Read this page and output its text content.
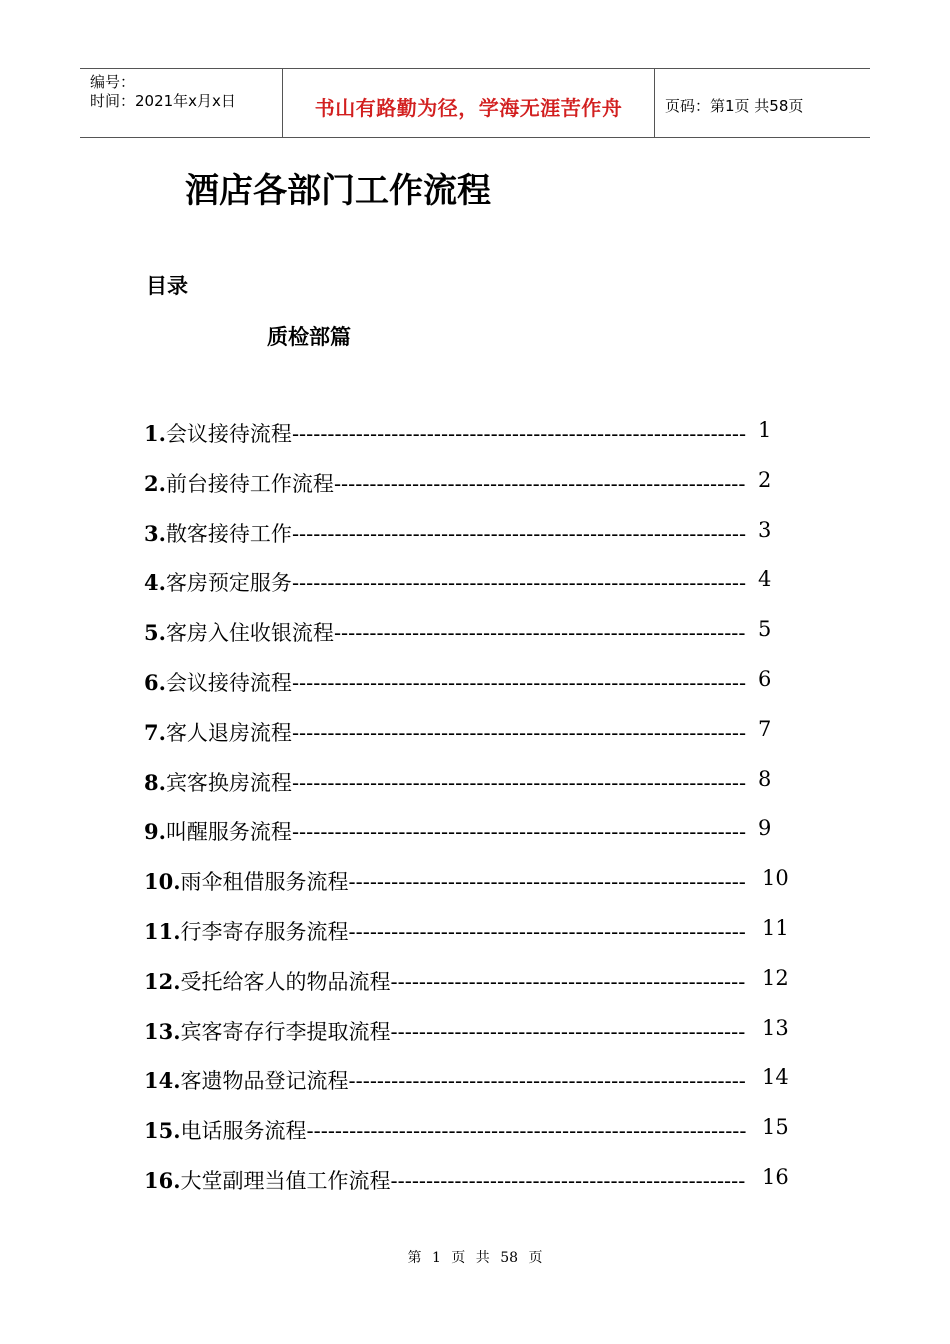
编号：
时间：2021年x月x日	书山有路勤为径，学海无涯苦作舟	页码：第1页 共58页
酒店各部门工作流程
目录
质检部篇
1.会议接待流程---------------------------------------------------------------- 1
2.前台接待工作流程---------------------------------------------------------- 2
3.散客接待工作---------------------------------------------------------------- 3
4.客房预定服务---------------------------------------------------------------- 4
5.客房入住收银流程---------------------------------------------------------- 5
6.会议接待流程---------------------------------------------------------------- 6
7.客人退房流程---------------------------------------------------------------- 7
8.宾客换房流程---------------------------------------------------------------- 8
9.叫醒服务流程---------------------------------------------------------------- 9
10.雨伞租借服务流程-------------------------------------------------------- 10
11.行李寄存服务流程-------------------------------------------------------- 11
12.受托给客人的物品流程-------------------------------------------------- 12
13.宾客寄存行李提取流程-------------------------------------------------- 13
14.客遗物品登记流程-------------------------------------------------------- 14
15.电话服务流程-------------------------------------------------------------- 15
16.大堂副理当值工作流程-------------------------------------------------- 16
第 1 页 共 58 页
